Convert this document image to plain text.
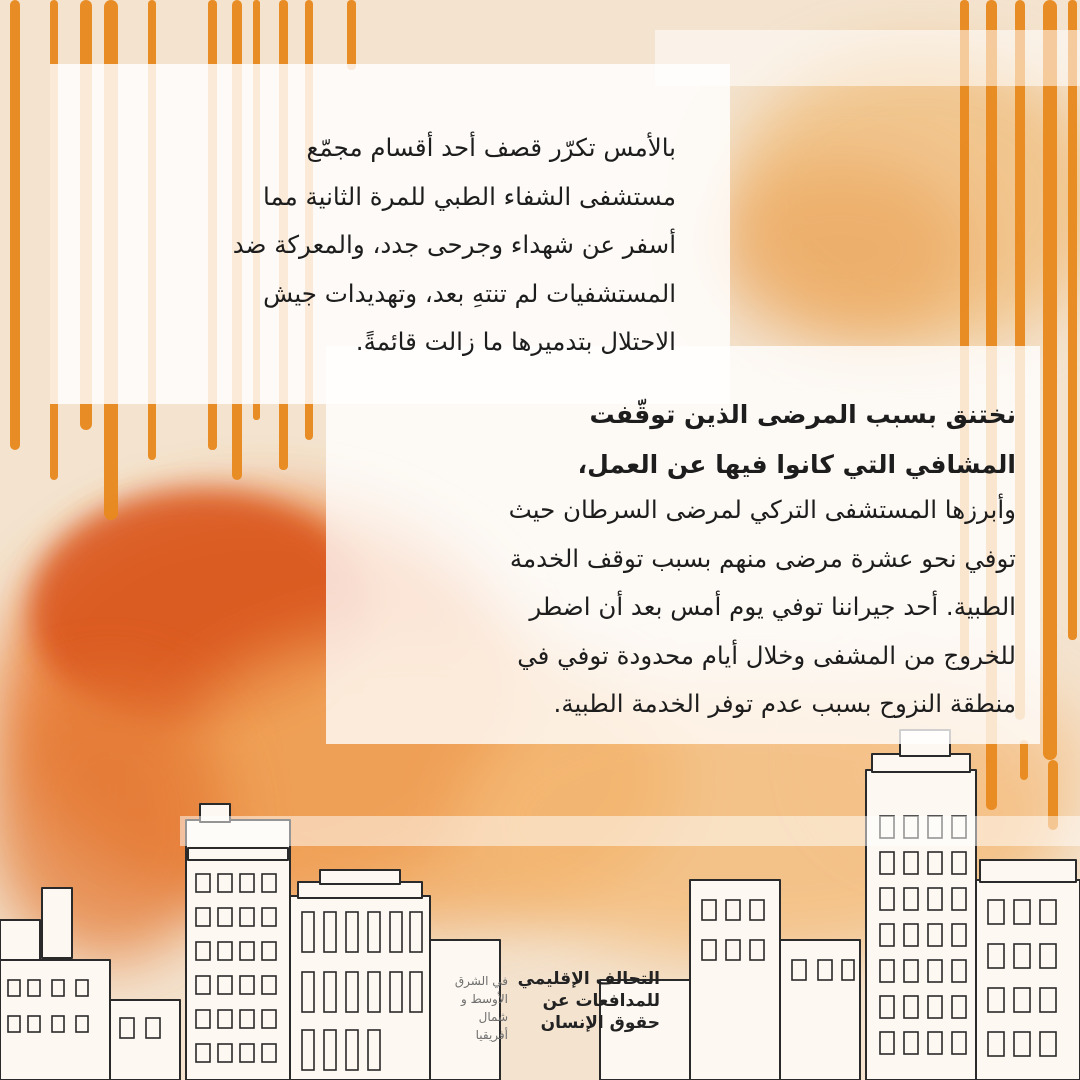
بالأمس تكرّر قصف أحد أقسام مجمّع
مستشفى الشفاء الطبي للمرة الثانية مما
أسفر عن شهداء وجرحى جدد، والمعركة ضد
المستشفيات لم تنتهِ بعد، وتهديدات جيش
الاحتلال بتدميرها ما زالت قائمةً.
نختنق بسبب المرضى الذين توقّفت
المشافي التي كانوا فيها عن العمل،
وأبرزها المستشفى التركي لمرضى السرطان حيث
توفي نحو عشرة مرضى منهم بسبب توقف الخدمة
الطبية. أحد جيراننا توفي يوم أمس بعد أن اضطر
للخروج من المشفى وخلال أيام محدودة توفي في
منطقة النزوح بسبب عدم توفر الخدمة الطبية.
التحالف الإقليمي
للمدافعات عن
حقوق الإنسان
في الشرق
الأوسط و
شمال
أفريقيا
